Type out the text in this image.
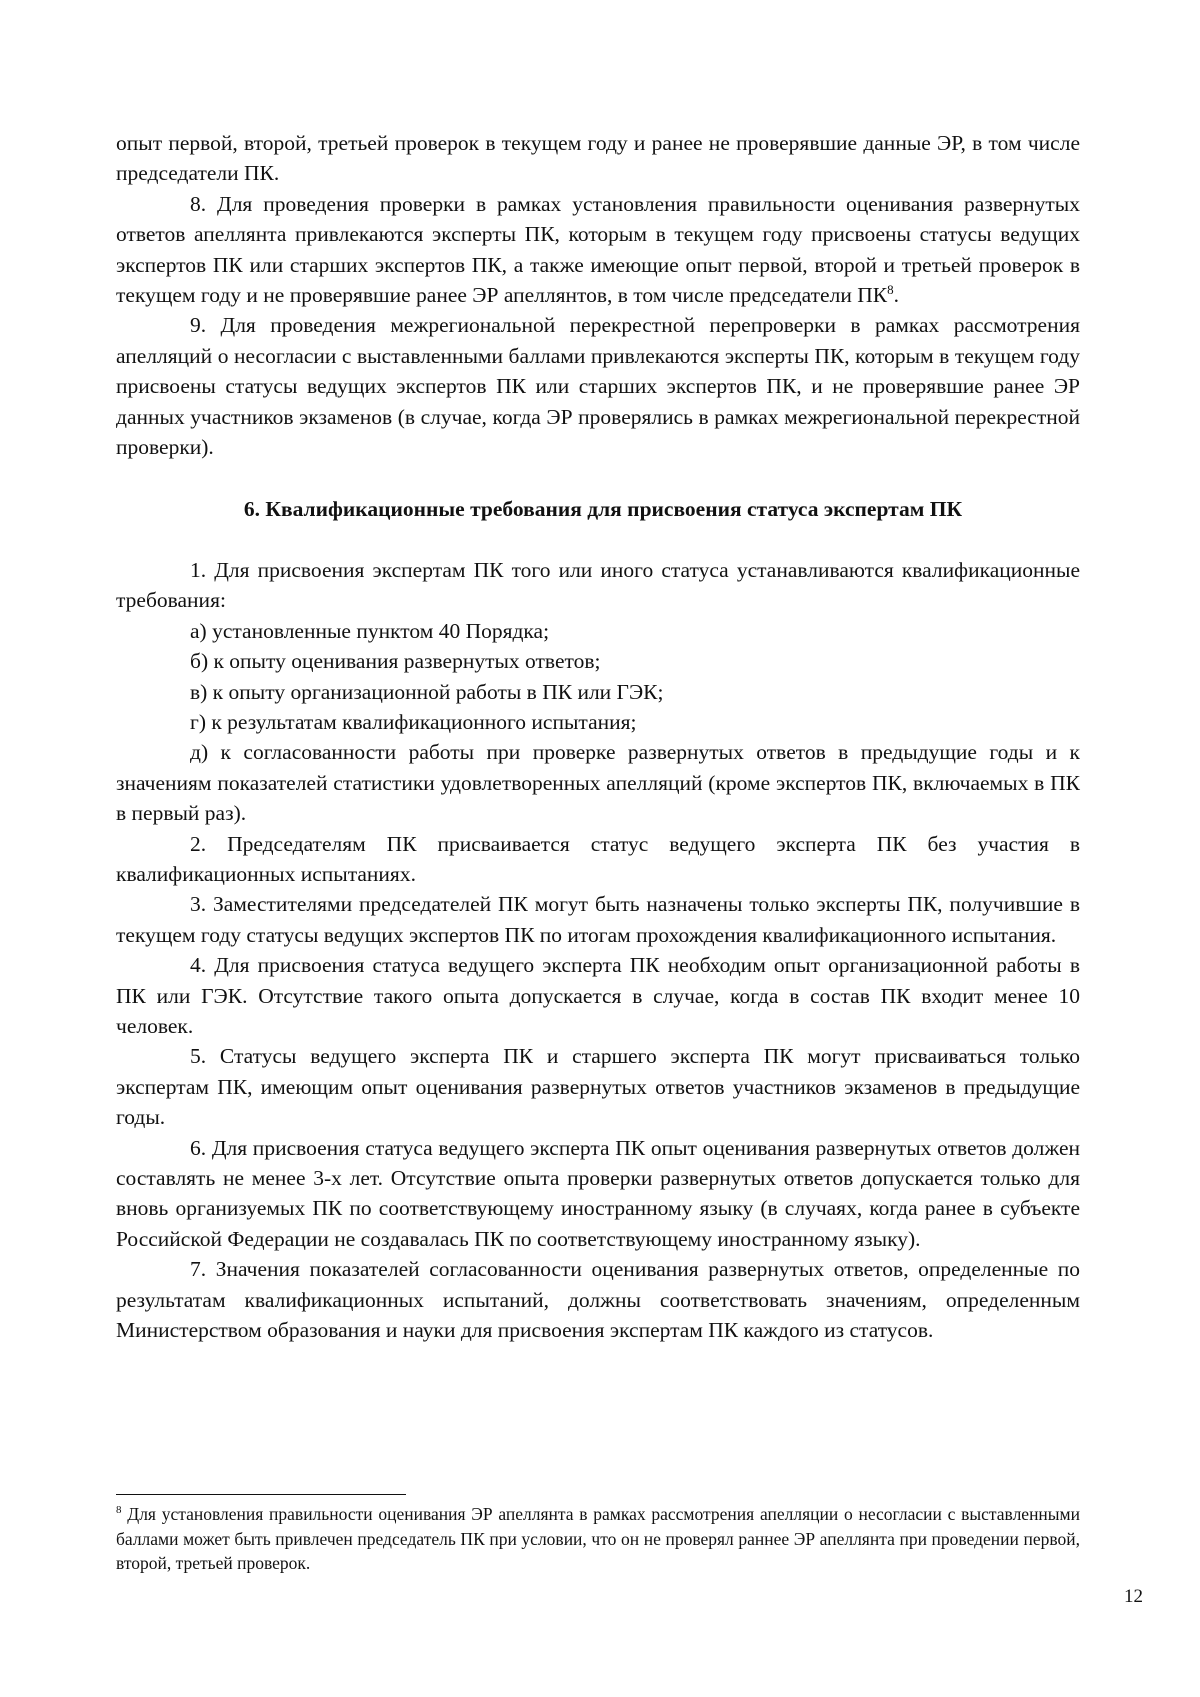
опыт первой, второй, третьей проверок в текущем году и ранее не проверявшие данные ЭР, в том числе председатели ПК.

8. Для проведения проверки в рамках установления правильности оценивания развернутых ответов апеллянта привлекаются эксперты ПК, которым в текущем году присвоены статусы ведущих экспертов ПК или старших экспертов ПК, а также имеющие опыт первой, второй и третьей проверок в текущем году и не проверявшие ранее ЭР апеллянтов, в том числе председатели $ПК^8$.

9. Для проведения межрегиональной перекрестной перепроверки в рамках рассмотрения апелляций о несогласии с выставленными баллами привлекаются эксперты ПК, которым в текущем году присвоены статусы ведущих экспертов ПК или старших экспертов ПК, и не проверявшие ранее ЭР данных участников экзаменов (в случае, когда ЭР проверялись в рамках межрегиональной перекрестной проверки).

6. Квалификационные требования для присвоения статуса экспертам ПК

1. Для присвоения экспертам ПК того или иного статуса устанавливаются квалификационные требования:

а) установленные пунктом 40 Порядка;

б) к опыту оценивания развернутых ответов;

в) к опыту организационной работы в ПК или ГЭК;

г) к результатам квалификационного испытания;

д) к согласованности работы при проверке развернутых ответов в предыдущие годы и к значениям показателей статистики удовлетворенных апелляций (кроме экспертов ПК, включаемых в ПК в первый раз).

2. Председателям ПК присваивается статус ведущего эксперта ПК без участия в квалификационных испытаниях.

3. Заместителями председателей ПК могут быть назначены только эксперты ПК, получившие в текущем году статусы ведущих экспертов ПК по итогам прохождения квалификационного испытания.

4. Для присвоения статуса ведущего эксперта ПК необходим опыт организационной работы в ПК или ГЭК. Отсутствие такого опыта допускается в случае, когда в состав ПК входит менее 10 человек.

5. Статусы ведущего эксперта ПК и старшего эксперта ПК могут присваиваться только экспертам ПК, имеющим опыт оценивания развернутых ответов участников экзаменов в предыдущие годы.

6. Для присвоения статуса ведущего эксперта ПК опыт оценивания развернутых ответов должен составлять не менее 3-х лет. Отсутствие опыта проверки развернутых ответов допускается только для вновь организуемых ПК по соответствующему иностранному языку (в случаях, когда ранее в субъекте Российской Федерации не создавалась ПК по соответствующему иностранному языку).

7. Значения показателей согласованности оценивания развернутых ответов, определенные по результатам квалификационных испытаний, должны соответствовать значениям, определенным Министерством образования и науки для присвоения экспертам ПК каждого из статусов.

$^8$ Для установления правильности оценивания ЭР апеллянта в рамках рассмотрения апелляции о несогласии с выставленными баллами может быть привлечен председатель ПК при условии, что он не проверял раннее ЭР апеллянта при проведении первой, второй, третьей проверок.
12
